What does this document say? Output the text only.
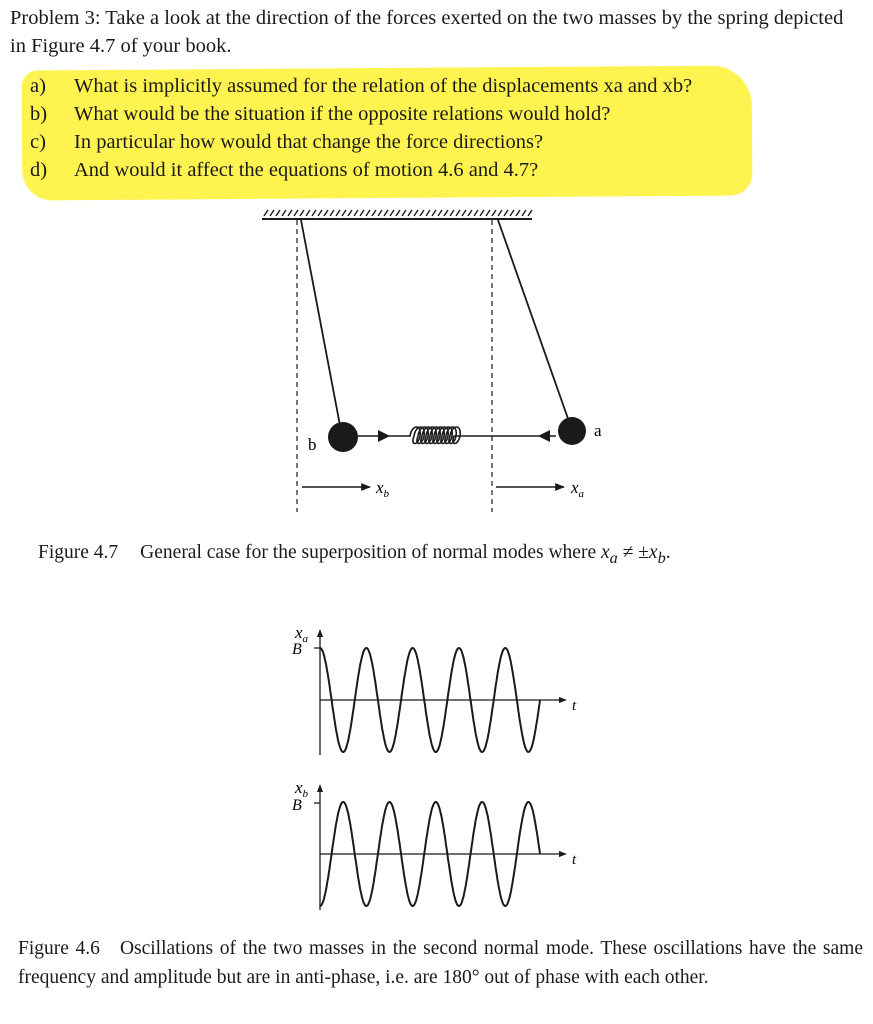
Problem 3: Take a look at the direction of the forces exerted on the two masses by the spring depicted in Figure 4.7 of your book.
a)	What is implicitly assumed for the relation of the displacements xa and xb?
b)	What would be the situation if the opposite relations would hold?
c)	In particular how would that change the force directions?
d)	And would it affect the equations of motion 4.6 and 4.7?
b
a
$x_b$	$x_a$
Figure 4.7 General case for the superposition of normal modes where $x_a \ne \pm x_b$.
$x_a$
B
t
$x_b$
B
t
Figure 4.6 Oscillations of the two masses in the second normal mode. These oscillations have the same frequency and amplitude but are in anti-phase, i.e. are 180° out of phase with each other.
